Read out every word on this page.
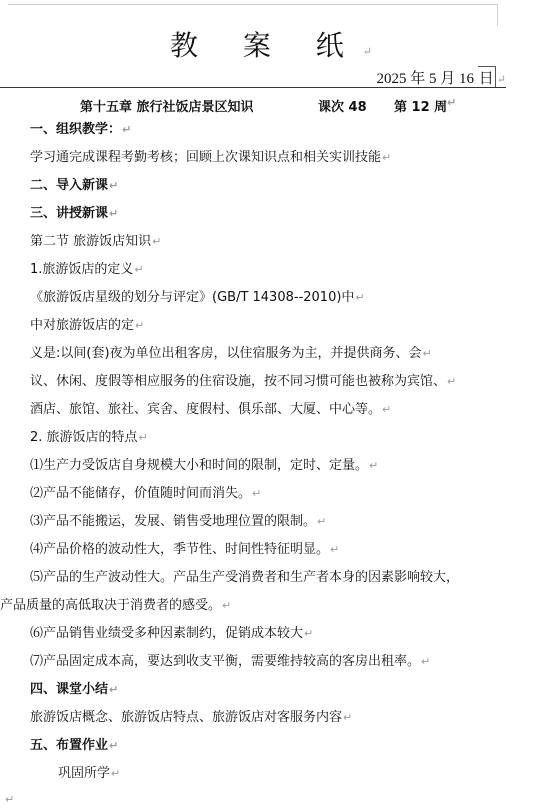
教 案 纸↵
2025 年 5 月 16 日 ↵
第十五章 旅行社饭店景区知识	课次 48 第 12 周 ↵
一、组织教学：↵
学习通完成课程考勤考核；回顾上次课知识点和相关实训技能↵
二、导入新课↵
三、讲授新课↵
第二节 旅游饭店知识↵
1.旅游饭店的定义↵
《旅游饭店星级的划分与评定》(GB/T 14308--2010)中↵
中对旅游饭店的定↵
义是:以间(套)夜为单位出租客房，以住宿服务为主，并提供商务、会↵
议、休闲、度假等相应服务的住宿设施，按不同习惯可能也被称为宾馆、↵
酒店、旅馆、旅社、宾舍、度假村、俱乐部、大厦、中心等。↵
2. 旅游饭店的特点↵
⑴生产力受饭店自身规模大小和时间的限制，定时、定量。↵
⑵产品不能储存，价值随时间而消失。↵
⑶产品不能搬运，发展、销售受地理位置的限制。↵
⑷产品价格的波动性大，季节性、时间性特征明显。↵
⑸产品的生产波动性大。产品生产受消费者和生产者本身的因素影响较大，
产品质量的高低取决于消费者的感受。↵
⑹产品销售业绩受多种因素制约，促销成本较大↵
⑺产品固定成本高，要达到收支平衡，需要维持较高的客房出租率。↵
四、课堂小结↵
旅游饭店概念、旅游饭店特点、旅游饭店对客服务内容↵
五、布置作业↵
巩固所学↵
↵
